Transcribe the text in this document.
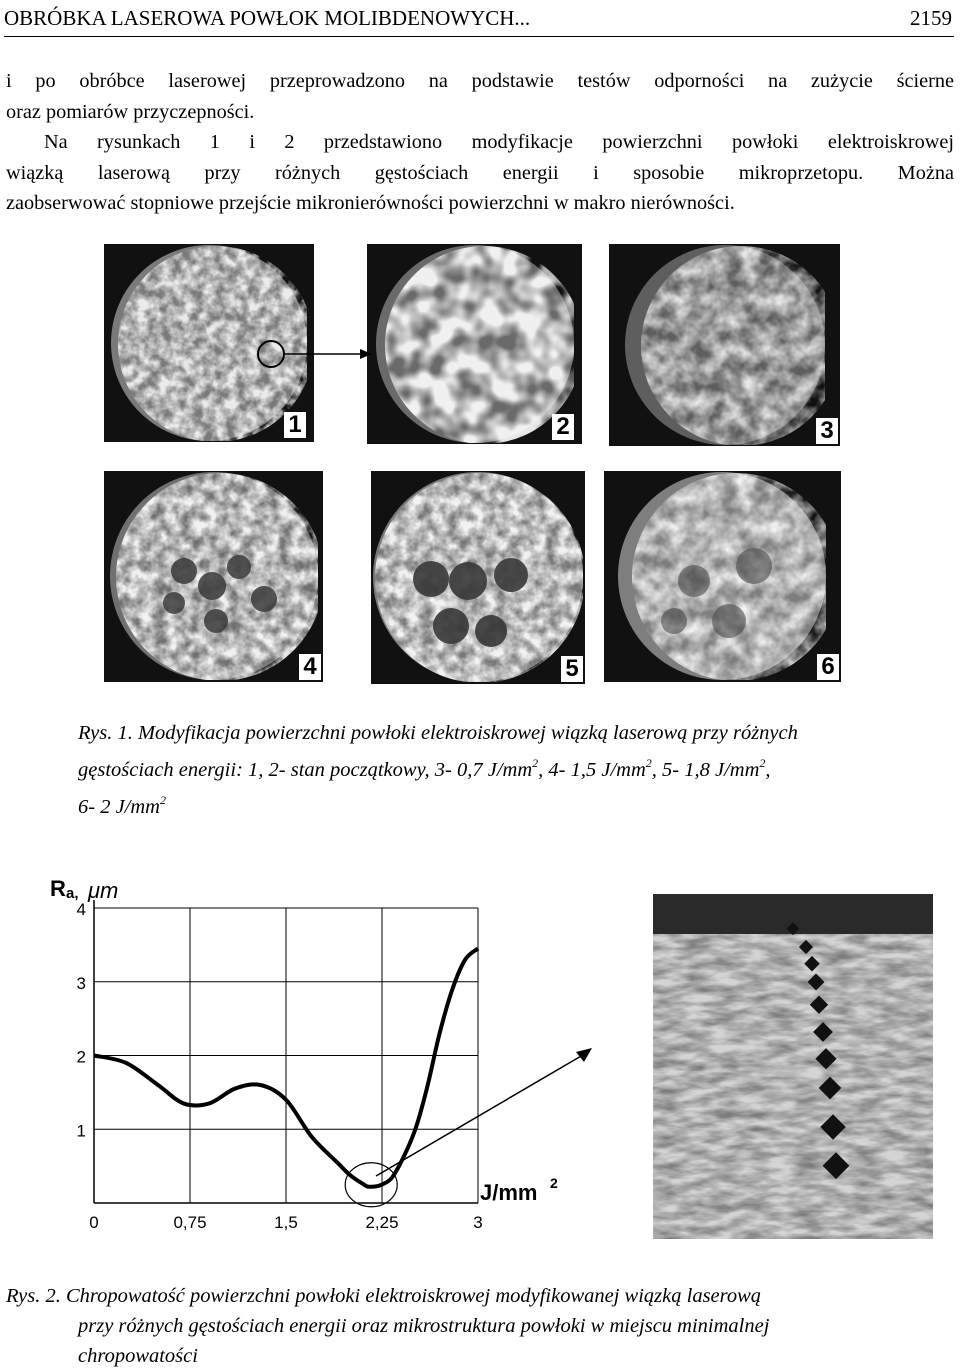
OBRÓBKA LASEROWA POWŁOK MOLIBDENOWYCH...	2159
i po obróbce laserowej przeprowadzono na podstawie testów odporności na zużycie ścierne
oraz pomiarów przyczepności.
Na rysunkach 1 i 2 przedstawiono modyfikacje powierzchni powłoki elektroiskrowej
wiązką laserową przy różnych gęstościach energii i sposobie mikroprzetopu. Można
zaobserwować stopniowe przejście mikronierówności powierzchni w makro nierówności.
1	2	3
4	5	6
Rys. 1. Modyfikacja powierzchni powłoki elektroiskrowej wiązką laserową przy różnych
gęstościach energii: 1, 2- stan początkowy, 3- 0,7 $J/mm^2$, 4- 1,5 $J/mm^2$, 5- 1,8 $J/mm^2$,
6- 2 $J/mm^2$
1
2
3
4
0	0,75	1,5	2,25	3
R a, μm
J/mm 2
Rys. 2. Chropowatość powierzchni powłoki elektroiskrowej modyfikowanej wiązką laserową
przy różnych gęstościach energii oraz mikrostruktura powłoki w miejscu minimalnej
chropowatości
